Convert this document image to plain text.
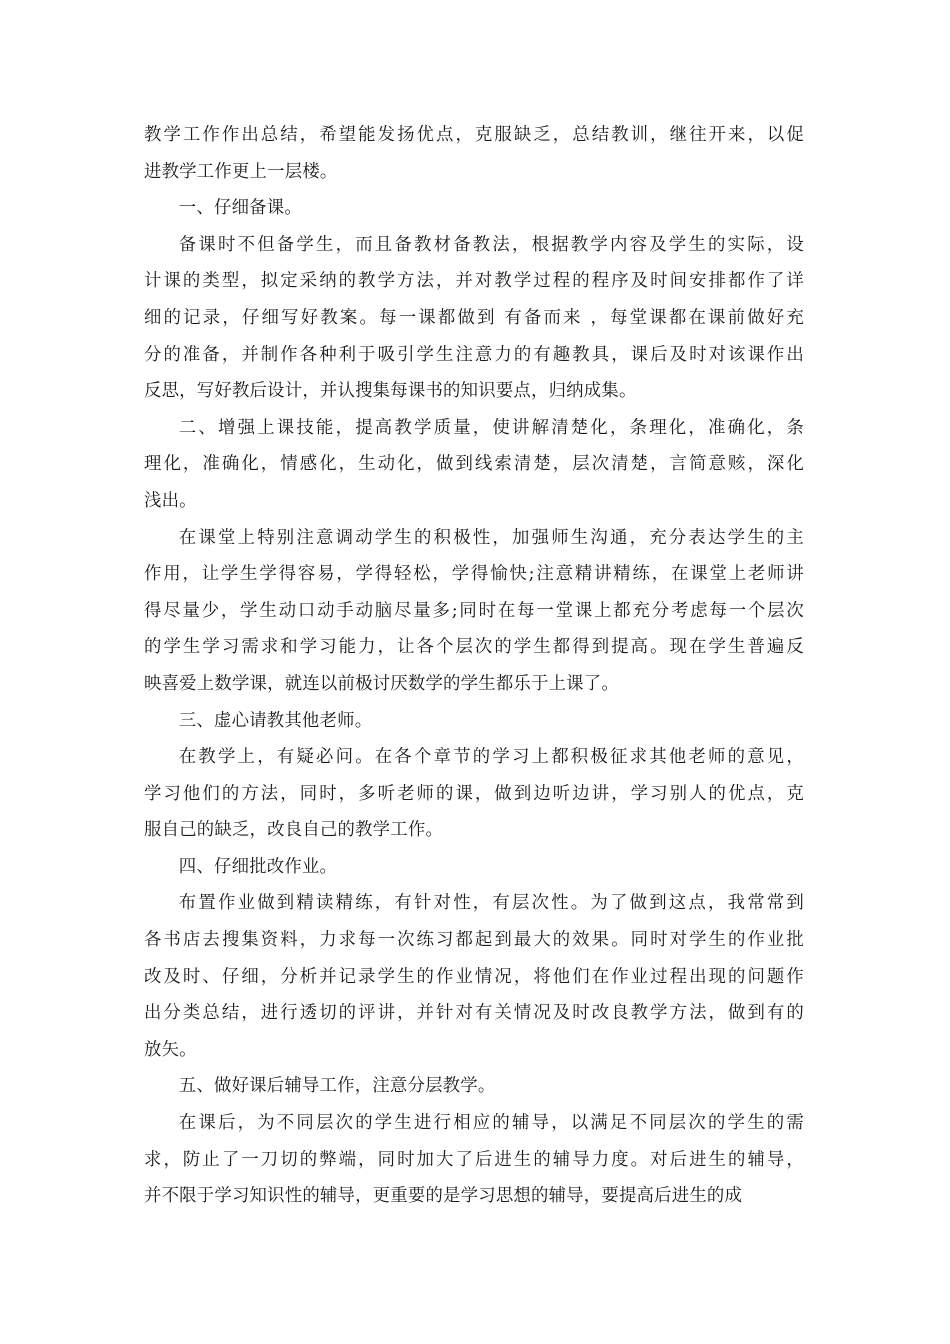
教学工作作出总结，希望能发扬优点，克服缺乏，总结教训，继往开来，以促
进教学工作更上一层楼。
一、仔细备课。
备课时不但备学生，而且备教材备教法，根据教学内容及学生的实际，设
计课的类型，拟定采纳的教学方法，并对教学过程的程序及时间安排都作了详
细的记录，仔细写好教案。每一课都做到 有备而来 ，每堂课都在课前做好充
分的准备，并制作各种利于吸引学生注意力的有趣教具，课后及时对该课作出
反思，写好教后设计，并认搜集每课书的知识要点，归纳成集。
二、增强上课技能，提高教学质量，使讲解清楚化，条理化，准确化，条
理化，准确化，情感化，生动化，做到线索清楚，层次清楚，言简意赅，深化
浅出。
在课堂上特别注意调动学生的积极性，加强师生沟通，充分表达学生的主
作用，让学生学得容易，学得轻松，学得愉快;注意精讲精练，在课堂上老师讲
得尽量少，学生动口动手动脑尽量多;同时在每一堂课上都充分考虑每一个层次
的学生学习需求和学习能力，让各个层次的学生都得到提高。现在学生普遍反
映喜爱上数学课，就连以前极讨厌数学的学生都乐于上课了。
三、虚心请教其他老师。
在教学上，有疑必问。在各个章节的学习上都积极征求其他老师的意见，
学习他们的方法，同时，多听老师的课，做到边听边讲，学习别人的优点，克
服自己的缺乏，改良自己的教学工作。
四、仔细批改作业。
布置作业做到精读精练，有针对性，有层次性。为了做到这点，我常常到
各书店去搜集资料，力求每一次练习都起到最大的效果。同时对学生的作业批
改及时、仔细，分析并记录学生的作业情况，将他们在作业过程出现的问题作
出分类总结，进行透切的评讲，并针对有关情况及时改良教学方法，做到有的
放矢。
五、做好课后辅导工作，注意分层教学。
在课后，为不同层次的学生进行相应的辅导，以满足不同层次的学生的需
求，防止了一刀切的弊端，同时加大了后进生的辅导力度。对后进生的辅导，
并不限于学习知识性的辅导，更重要的是学习思想的辅导，要提高后进生的成
